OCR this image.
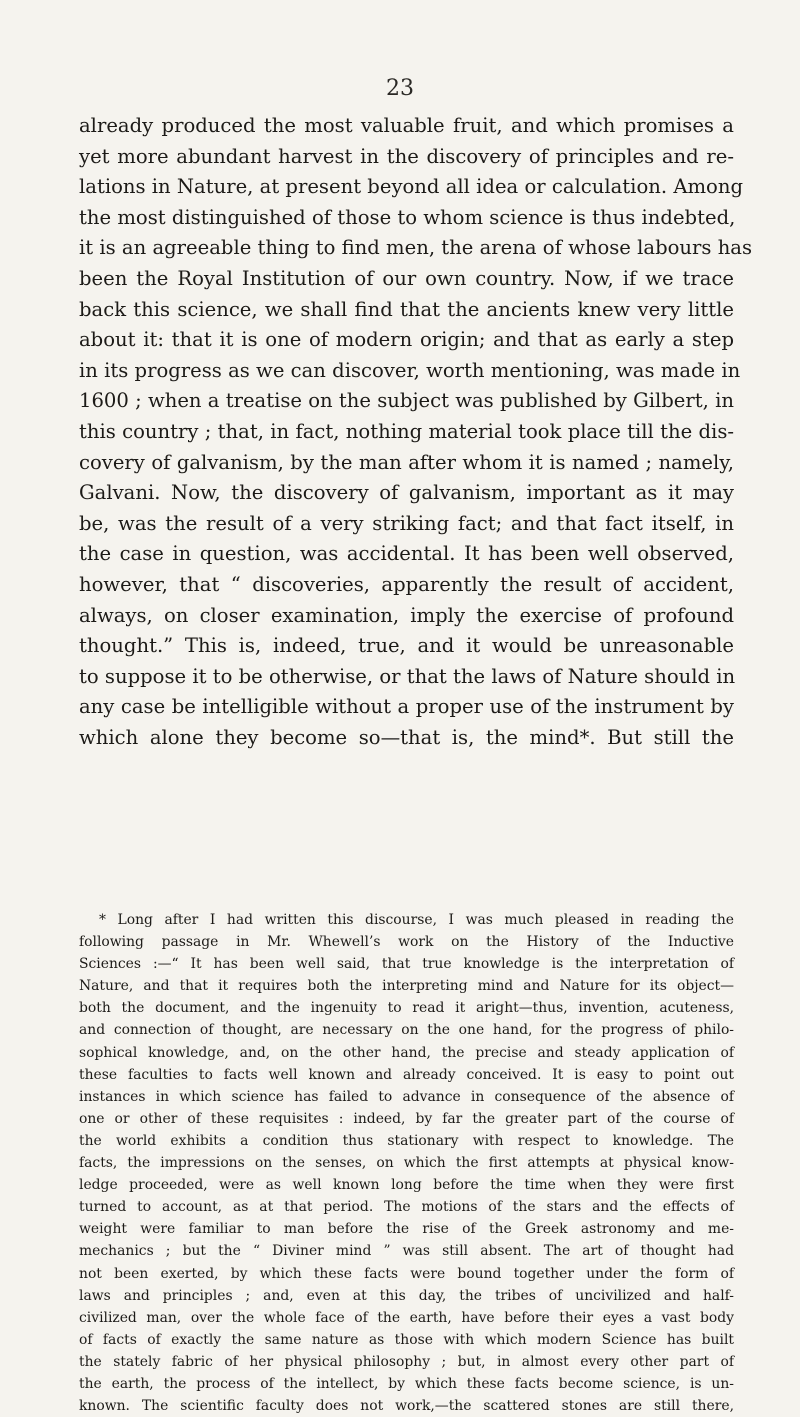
23
already produced the most valuable fruit, and which promises a
yet more abundant harvest in the discovery of principles and re-
lations in Nature, at present beyond all idea or calculation. Among
the most distinguished of those to whom science is thus indebted,
it is an agreeable thing to find men, the arena of whose labours has
been the Royal Institution of our own country. Now, if we trace
back this science, we shall find that the ancients knew very little
about it: that it is one of modern origin; and that as early a step
in its progress as we can discover, worth mentioning, was made in
1600 ; when a treatise on the subject was published by Gilbert, in
this country ; that, in fact, nothing material took place till the dis-
covery of galvanism, by the man after whom it is named ; namely,
Galvani. Now, the discovery of galvanism, important as it may
be, was the result of a very striking fact; and that fact itself, in
the case in question, was accidental. It has been well observed,
however, that “ discoveries, apparently the result of accident,
always, on closer examination, imply the exercise of profound
thought.” This is, indeed, true, and it would be unreasonable
to suppose it to be otherwise, or that the laws of Nature should in
any case be intelligible without a proper use of the instrument by
which alone they become so—that is, the mind*. But still the
* Long after I had written this discourse, I was much pleased in reading the
following passage in Mr. Whewell’s work on the History of the Inductive
Sciences :—“ It has been well said, that true knowledge is the interpretation of
Nature, and that it requires both the interpreting mind and Nature for its object—
both the document, and the ingenuity to read it aright—thus, invention, acuteness,
and connection of thought, are necessary on the one hand, for the progress of philo-
sophical knowledge, and, on the other hand, the precise and steady application of
these faculties to facts well known and already conceived. It is easy to point out
instances in which science has failed to advance in consequence of the absence of
one or other of these requisites : indeed, by far the greater part of the course of
the world exhibits a condition thus stationary with respect to knowledge. The
facts, the impressions on the senses, on which the first attempts at physical know-
ledge proceeded, were as well known long before the time when they were first
turned to account, as at that period. The motions of the stars and the effects of
weight were familiar to man before the rise of the Greek astronomy and me-
mechanics ; but the “ Diviner mind ” was still absent. The art of thought had
not been exerted, by which these facts were bound together under the form of
laws and principles ; and, even at this day, the tribes of uncivilized and half-
civilized man, over the whole face of the earth, have before their eyes a vast body
of facts of exactly the same nature as those with which modern Science has built
the stately fabric of her physical philosophy ; but, in almost every other part of
the earth, the process of the intellect, by which these facts become science, is un-
known. The scientific faculty does not work,—the scattered stones are still there,
